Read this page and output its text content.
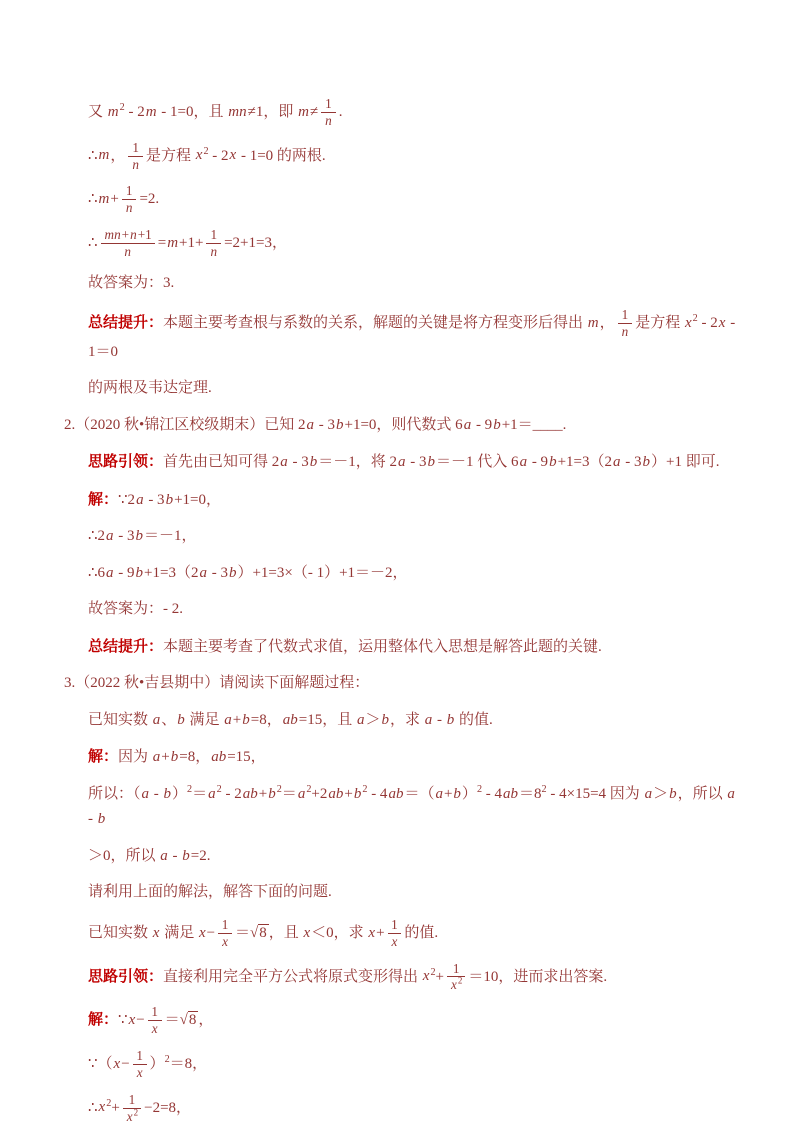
又 $m^2 - 2m - 1=0$，且 mn≠1，即 $m\ne \frac{1}{n}$ .
∴m， $\frac{1}{n}$ 是方程 $x^2 - 2x - 1=0$ 的两根.
∴m+ $\frac{1}{n} =2$.
∴ $\frac{mn+n+1}{n} =m+1+ \frac{1}{n} =2+1=3$，
故答案为：3.
总结提升：本题主要考查根与系数的关系，解题的关键是将方程变形后得出 m， $\frac{1}{n}$ 是方程 $x^2 - 2x - 1=0$
的两根及韦达定理.
2.（2020 秋•锦江区校级期末）已知 2a - 3b+1=0，则代数式 6a - 9b+1＝____.
思路引领：首先由已知可得 2a - 3b＝－1，将 2a - 3b＝－1 代入 6a - 9b+1=3（2a - 3b）+1 即可.
解：∵2a - 3b+1=0，
∴2a - 3b＝－1，
∴6a - 9b+1=3（2a - 3b）+1=3×（- 1）+1＝－2，
故答案为：- 2.
总结提升：本题主要考查了代数式求值，运用整体代入思想是解答此题的关键.
3.（2022 秋•吉县期中）请阅读下面解题过程：
已知实数 a、b 满足 a+b=8，ab=15，且 a＞b，求 a - b 的值.
解：因为 a+b=8，ab=15，
所以：$(a - b)^2=a^2 - 2ab+b^2=a^2+2ab+b^2 - 4ab=(a+b)^2 - 4ab=8^2 - 4\times 15=4$ 因为 a＞b，所以 a - b
＞0，所以 a - b=2.
请利用上面的解法，解答下面的问题.
已知实数 x 满足 $x- \frac{1}{x} =√8$ ，且 x＜0，求 $x+ \frac{1}{x}$ 的值.
思路引领：直接利用完全平方公式将原式变形得出 $x^2+ \frac{1}{x^2} =10$，进而求出答案.
解：∵x− $\frac{1}{x} =√8$ ，
∵（x− $\frac{1}{x} )^2=8$，
$\therefore x^2+ \frac{1}{x^2} -2=8$，
